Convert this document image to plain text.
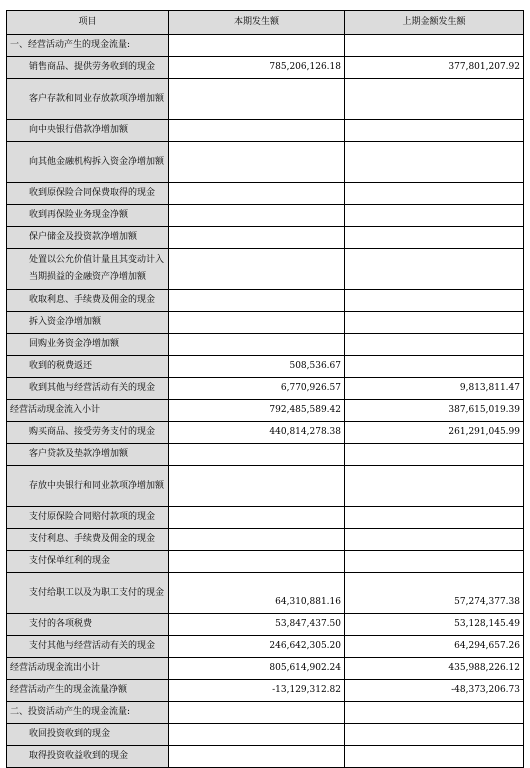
项目	本期发生额	上期金额发生额
一、经营活动产生的现金流量:		
销售商品、提供劳务收到的现金	785,206,126.18	377,801,207.92
客户存款和同业存放款项净增加额		
向中央银行借款净增加额		
向其他金融机构拆入资金净增加额		
收到原保险合同保费取得的现金		
收到再保险业务现金净额		
保户储金及投资款净增加额		
处置以公允价值计量且其变动计入当期损益的金融资产净增加额		
收取利息、手续费及佣金的现金		
拆入资金净增加额		
回购业务资金净增加额		
收到的税费返还	508,536.67	
收到其他与经营活动有关的现金	6,770,926.57	9,813,811.47
经营活动现金流入小计	792,485,589.42	387,615,019.39
购买商品、接受劳务支付的现金	440,814,278.38	261,291,045.99
客户贷款及垫款净增加额		
存放中央银行和同业款项净增加额		
支付原保险合同赔付款项的现金		
支付利息、手续费及佣金的现金		
支付保单红利的现金		
支付给职工以及为职工支付的现金	64,310,881.16	57,274,377.38
支付的各项税费	53,847,437.50	53,128,145.49
支付其他与经营活动有关的现金	246,642,305.20	64,294,657.26
经营活动现金流出小计	805,614,902.24	435,988,226.12
经营活动产生的现金流量净额	-13,129,312.82	-48,373,206.73
二、投资活动产生的现金流量:		
收回投资收到的现金		
取得投资收益收到的现金		
